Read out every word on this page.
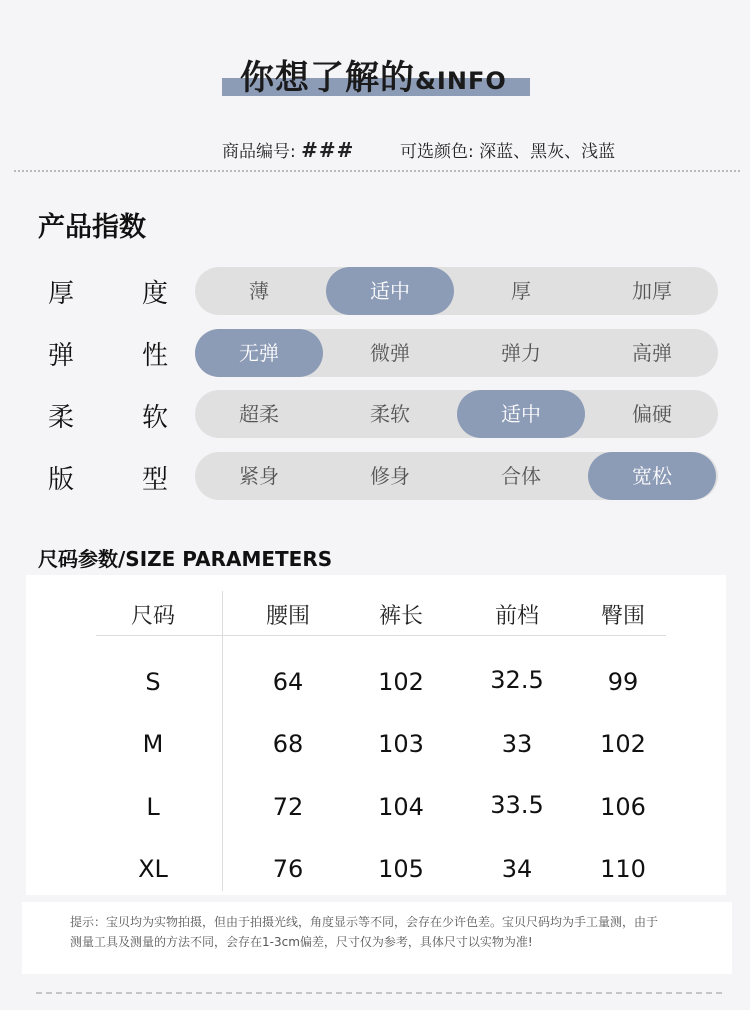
你想了解的&INFO
商品编号: ###	可选颜色: 深蓝、黑灰、浅蓝
产品指数
厚	度	薄	适中	厚	加厚
弹	性	无弹	微弹	弹力	高弹
柔	软	超柔	柔软	适中	偏硬
版	型	紧身	修身	合体	宽松
尺码参数/SIZE PARAMETERS
尺码	腰围	裤长	前档	臀围
S	64	102	32.5	99
M	68	103	33	102
L	72	104	33.5	106
XL	76	105	34	110
提示：宝贝均为实物拍摄，但由于拍摄光线，角度显示等不同，会存在少许色差。宝贝尺码均为手工量测，由于
测量工具及测量的方法不同，会存在1-3cm偏差，尺寸仅为参考，具体尺寸以实物为准!
